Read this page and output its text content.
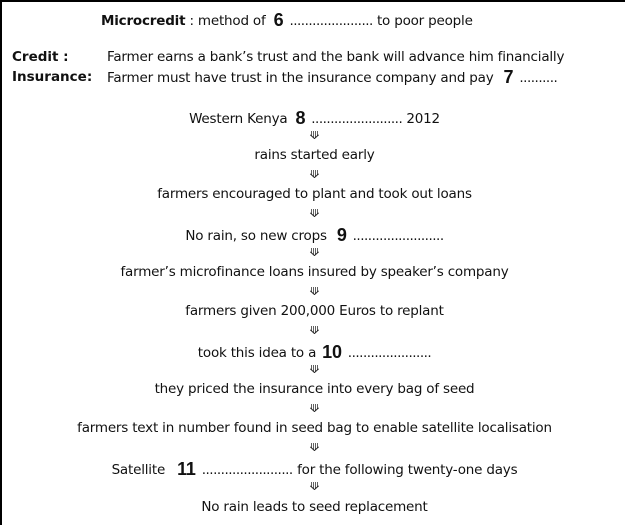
Microcredit : method of 6 ...................... to poor people
Credit :	Farmer earns a bank’s trust and the bank will advance him financially
Insurance: Farmer must have trust in the insurance company and pay 7 ..........
Western Kenya 8 ........................ 2012
⟱
rains started early
⟱
farmers encouraged to plant and took out loans
⟱
No rain, so new crops 9 ........................
⟱
farmer’s microfinance loans insured by speaker’s company
⟱
farmers given 200,000 Euros to replant
⟱
took this idea to a 10 ......................
⟱
they priced the insurance into every bag of seed
⟱
farmers text in number found in seed bag to enable satellite localisation
⟱
Satellite 11 ........................ for the following twenty-one days
⟱
No rain leads to seed replacement
